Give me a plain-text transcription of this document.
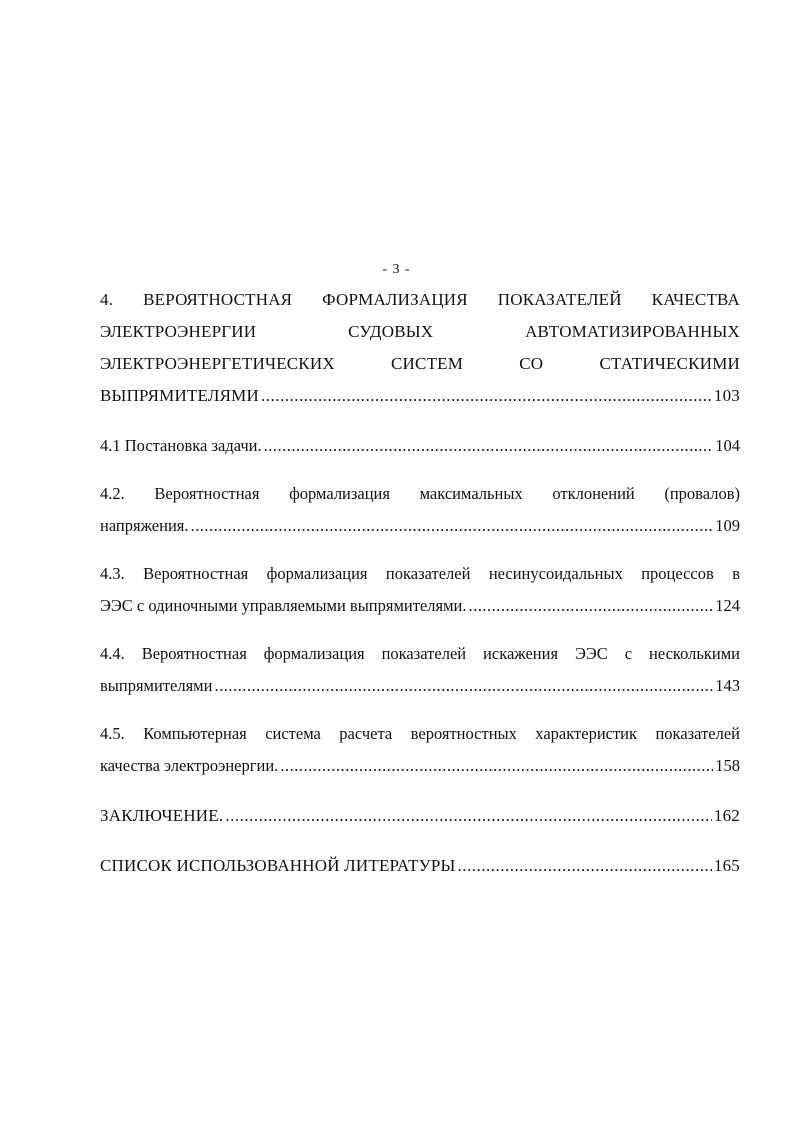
- 3 -
4. ВЕРОЯТНОСТНАЯ ФОРМАЛИЗАЦИЯ ПОКАЗАТЕЛЕЙ КАЧЕСТВА
ЭЛЕКТРОЭНЕРГИИ СУДОВЫХ АВТОМАТИЗИРОВАННЫХ
ЭЛЕКТРОЭНЕРГЕТИЧЕСКИХ СИСТЕМ СО СТАТИЧЕСКИМИ
ВЫПРЯМИТЕЛЯМИ .....	103
4.1 Постановка задачи. .....	104
4.2. Вероятностная формализация максимальных отклонений (провалов)
напряжения. .....	109
4.3. Вероятностная формализация показателей несинусоидальных процессов в
ЭЭС с одиночными управляемыми выпрямителями. .....	124
4.4. Вероятностная формализация показателей искажения ЭЭС с несколькими
выпрямителями .....	143
4.5. Компьютерная система расчета вероятностных характеристик показателей
качества электроэнергии. .....	158
ЗАКЛЮЧЕНИЕ. .....	162
СПИСОК ИСПОЛЬЗОВАННОЙ ЛИТЕРАТУРЫ .....	165
